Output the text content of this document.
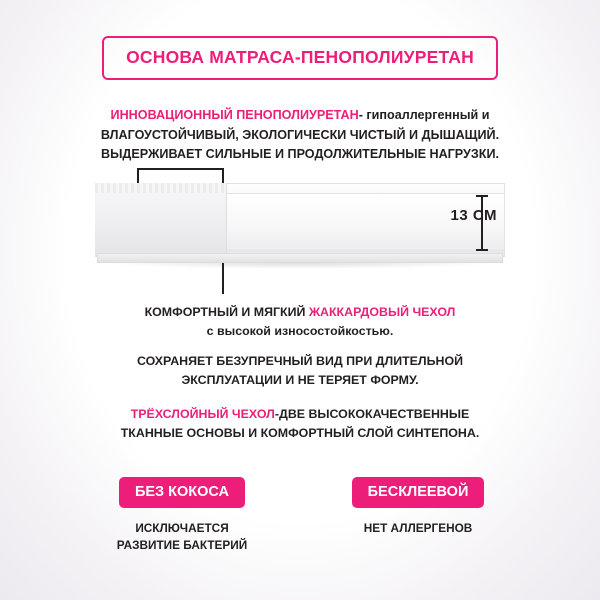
ОСНОВА МАТРАСА-ПЕНОПОЛИУРЕТАН
ИННОВАЦИОННЫЙ ПЕНОПОЛИУРЕТАН- гипоаллергенный и
ВЛАГОУСТОЙЧИВЫЙ, ЭКОЛОГИЧЕСКИ ЧИСТЫЙ И ДЫШАЩИЙ.
ВЫДЕРЖИВАЕТ СИЛЬНЫЕ И ПРОДОЛЖИТЕЛЬНЫЕ НАГРУЗКИ.
13 СМ
КОМФОРТНЫЙ И МЯГКИЙ ЖАККАРДОВЫЙ ЧЕХОЛ
с высокой износостойкостью.
СОХРАНЯЕТ БЕЗУПРЕЧНЫЙ ВИД ПРИ ДЛИТЕЛЬНОЙ
ЭКСПЛУАТАЦИИ И НЕ ТЕРЯЕТ ФОРМУ.
ТРЁХСЛОЙНЫЙ ЧЕХОЛ-ДВЕ ВЫСОКОКАЧЕСТВЕННЫЕ
ТКАННЫЕ ОСНОВЫ И КОМФОРТНЫЙ СЛОЙ СИНТЕПОНА.
БЕЗ КОКОСА
ИСКЛЮЧАЕТСЯ
РАЗВИТИЕ БАКТЕРИЙ
БЕСКЛЕЕВОЙ
НЕТ АЛЛЕРГЕНОВ
